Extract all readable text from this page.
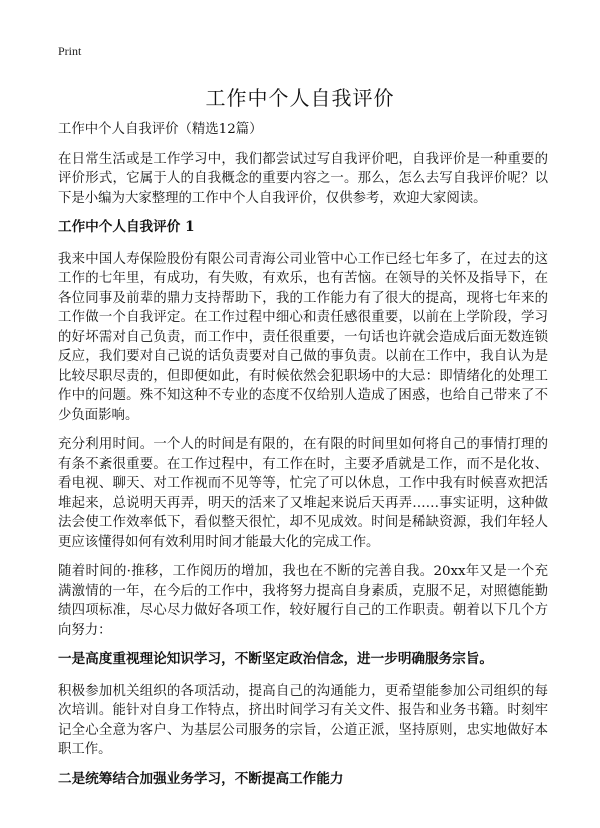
Print
工作中个人自我评价

工作中个人自我评价（精选12篇）

在日常生活或是工作学习中，我们都尝试过写自我评价吧，自我评价是一种重要的评价形式，它属于人的自我概念的重要内容之一。那么，怎么去写自我评价呢？以下是小编为大家整理的工作中个人自我评价，仅供参考，欢迎大家阅读。

工作中个人自我评价 1

我来中国人寿保险股份有限公司青海公司业管中心工作已经七年多了，在过去的这工作的七年里，有成功，有失败，有欢乐，也有苦恼。在领导的关怀及指导下，在各位同事及前辈的鼎力支持帮助下，我的工作能力有了很大的提高，现将七年来的工作做一个自我评定。在工作过程中细心和责任感很重要，以前在上学阶段，学习的好坏需对自己负责，而工作中，责任很重要，一句话也许就会造成后面无数连锁反应，我们要对自己说的话负责要对自己做的事负责。以前在工作中，我自认为是比较尽职尽责的，但即便如此，有时候依然会犯职场中的大忌：即情绪化的处理工作中的问题。殊不知这种不专业的态度不仅给别人造成了困惑，也给自己带来了不少负面影响。

充分利用时间。一个人的时间是有限的，在有限的时间里如何将自己的事情打理的有条不紊很重要。在工作过程中，有工作在时，主要矛盾就是工作，而不是化妆、看电视、聊天、对工作视而不见等等，忙完了可以休息，工作中我有时候喜欢把活堆起来，总说明天再弄，明天的活来了又堆起来说后天再弄……事实证明，这种做法会使工作效率低下，看似整天很忙，却不见成效。时间是稀缺资源，我们年轻人更应该懂得如何有效利用时间才能最大化的完成工作。

随着时间的·推移，工作阅历的增加，我也在不断的完善自我。20xx年又是一个充满激情的一年，在今后的工作中，我将努力提高自身素质，克服不足，对照德能勤绩四项标准，尽心尽力做好各项工作，较好履行自己的工作职责。朝着以下几个方向努力：

一是高度重视理论知识学习，不断坚定政治信念，进一步明确服务宗旨。

积极参加机关组织的各项活动，提高自己的沟通能力，更希望能参加公司组织的每次培训。能针对自身工作特点，挤出时间学习有关文件、报告和业务书籍。时刻牢记全心全意为客户、为基层公司服务的宗旨，公道正派，坚持原则，忠实地做好本职工作。

二是统筹结合加强业务学习，不断提高工作能力
